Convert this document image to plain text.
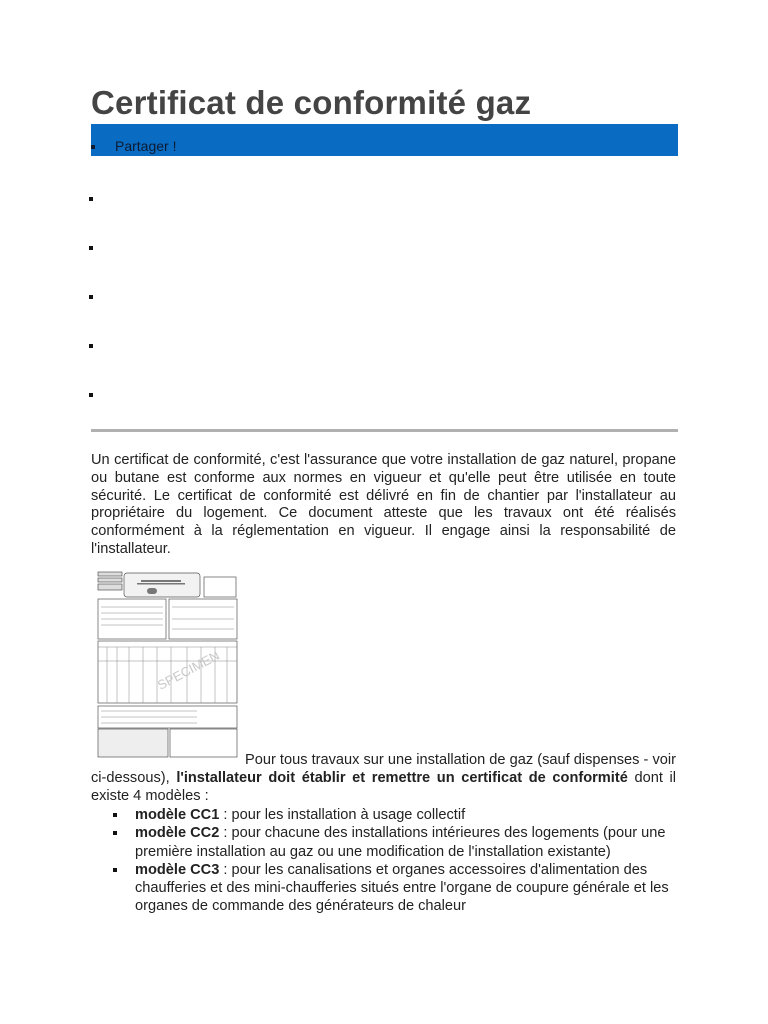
Certificat de conformité gaz
Partager !

Un certificat de conformité, c'est l'assurance que votre installation de gaz naturel, propane ou butane est conforme aux normes en vigueur et qu'elle peut être utilisée en toute sécurité. Le certificat de conformité est délivré en fin de chantier par l'installateur au propriétaire du logement. Ce document atteste que les travaux ont été réalisés conformément à la réglementation en vigueur. Il engage ainsi la responsabilité de l'installateur.

SPECIMEN

Pour tous travaux sur une installation de gaz (sauf dispenses - voir ci-dessous), l'installateur doit établir et remettre un certificat de conformité dont il existe 4 modèles :

modèle CC1 : pour les installation à usage collectif
modèle CC2 : pour chacune des installations intérieures des logements (pour une première installation au gaz ou une modification de l'installation existante)
modèle CC3 : pour les canalisations et organes accessoires d'alimentation des chaufferies et des mini-chaufferies situés entre l'organe de coupure générale et les organes de commande des générateurs de chaleur
